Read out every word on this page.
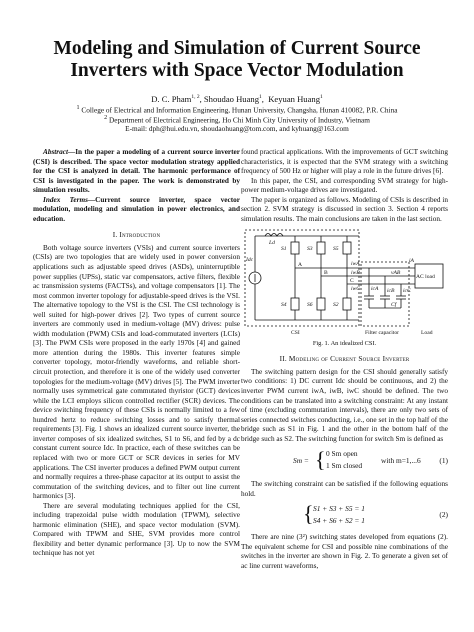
Modeling and Simulation of Current Source
Inverters with Space Vector Modulation
D. C. Pham$^{1, 2}$, Shoudao Huang$^1$,  Keyuan Huang$^1$
$^1$ College of Electrical and Information Engineering, Hunan University, Changsha, Hunan 410082, P.R. China
$^2$ Department of Electrical Engineering, Ho Chi Minh City University of Industry, Vietnam
E-mail: dph@hui.edu.vn, shoudaohuang@tom.com, and kyhuang@163.com

Abstract—In the paper a modeling of a current source inverter (CSI) is described. The space vector modulation strategy applied for the CSI is analyzed in detail. The harmonic performance of CSI is investigated in the paper. The work is demonstrated by simulation results.

Index Terms—Current source inverter, space vector modulation, modeling and simulation in power electronics, and education.

I. Introduction

Both voltage source inverters (VSIs) and current source inverters (CSIs) are two topologies that are widely used in power conversion applications such as adjustable speed drives (ASDs), uninterruptible power supplies (UPSs), static var compensators, active filters, flexible ac transmission systems (FACTSs), and voltage compensators [1]. The most common inverter topology for adjustable-speed drives is the VSI. The alternative topology to the VSI is the CSI. The CSI technology is well suited for high-power drives [2]. Two types of current source inverters are commonly used in medium-voltage (MV) drives: pulse width modulation (PWM) CSIs and load-commutated inverters (LCIs) [3]. The PWM CSIs were proposed in the early 1970s [4] and gained more attention during the 1980s. This inverter features simple converter topology, motor-friendly waveforms, and reliable short-circuit protection, and therefore it is one of the widely used converter topologies for the medium-voltage (MV) drives [5]. The PWM inverter normally uses symmetrical gate commutated thyristor (GCT) devices while the LCI employs silicon controlled rectifier (SCR) devices. The device switching frequency of these CSIs is normally limited to a few hundred hertz to reduce switching losses and to satisfy thermal requirements [3]. Fig. 1 shows an idealized current source inverter, the inverter composes of six idealized switches, S1 to S6, and fed by a dc constant current source Idc. In practice, each of these switches can be replaced with two or more GCT or SCR devices in series for MV applications. The CSI inverter produces a defined PWM output current and normally requires a three-phase capacitor at its output to assist the commutation of the switching devices, and to filter out line current harmonics [3].

There are several modulating techniques applied for the CSI, including trapezoidal pulse width modulation (TPWM), selective harmonic elimination (SHE), and space vector modulation (SVM). Compared with TPWM and SHE, SVM provides more control flexibility and better dynamic performance [3]. Up to now the SVM technique has not yet

found practical applications. With the improvements of GCT switching characteristics, it is expected that the SVM strategy with a switching frequency of 500 Hz or higher will play a role in the future drives [6].

In this paper, the CSI, and corresponding SVM strategy for high-power medium-voltage drives are investigated.

The paper is organized as follows. Modeling of CSIs is described in section 2. SVM strategy is discussed in section 3. Section 4 reports simulation results. The main conclusions are taken in the last section.

Idc
Ld
S1	S3	S5
S4	S6	S2
A
B
C
iwA
iwB
iwC
iA
vAB
icA icB icC
Cf
AC load
CSI	Filter capacitor	Load
Fig. 1. An idealized CSI.
II. Modeling of Current Source Inverter

The switching pattern design for the CSI should generally satisfy two conditions: 1) DC current Idc should be continuous, and 2) the inverter PWM current iwA, iwB, iwC should be defined. The two conditions can be translated into a switching constraint: At any instant of time (excluding commutation intervals), there are only two sets of series connected switches conducting, i.e., one set in the top half of the bridge such as S1 in Fig. 1 and the other in the bottom half of the bridge such as S2. The switching function for switch Sm is defined as

Sm = { 0 Sm open
1 Sm closed
with m=1,...6	(1)

The switching constraint can be satisfied if the following equations hold.

{ S1 + S3 + S5 = 1
S4 + S6 + S2 = 1
(2)

There are nine (3²) switching states developed from equations (2). The equivalent scheme for CSI and possible nine combinations of the switches in the inverter are shown in Fig. 2. To generate a given set of ac line current waveforms,
